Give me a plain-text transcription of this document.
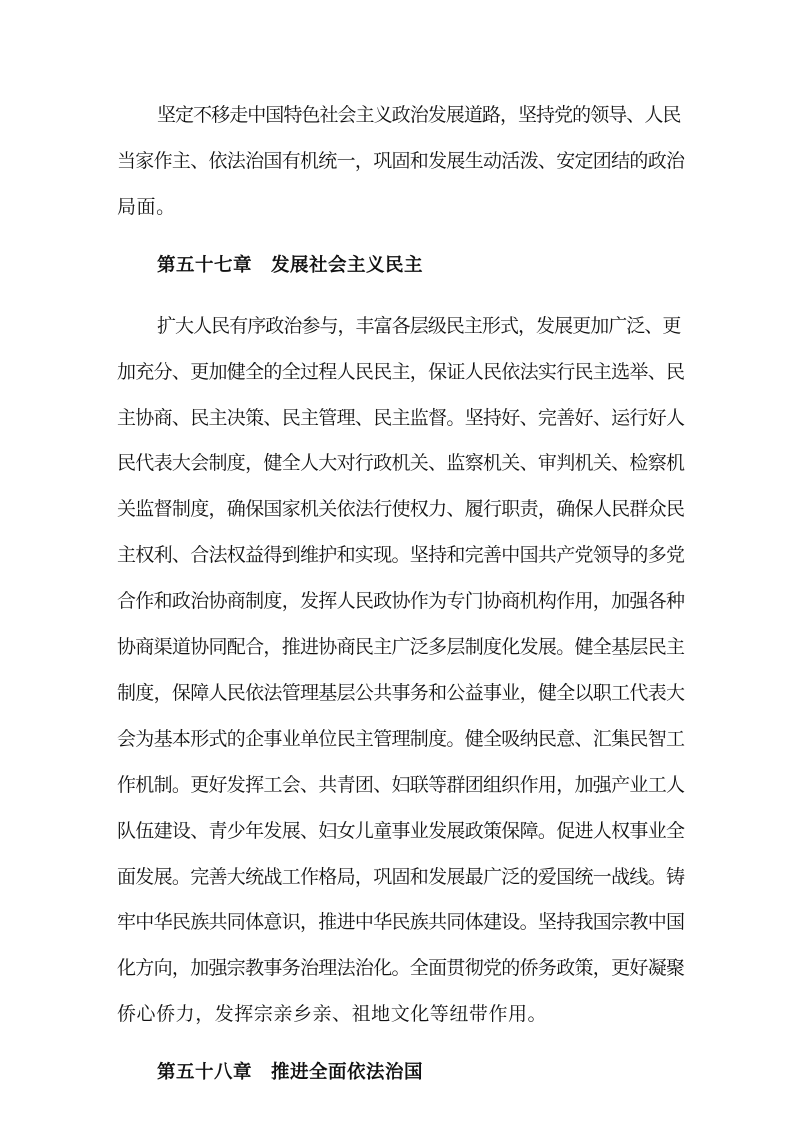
坚定不移走中国特色社会主义政治发展道路，坚持党的领导、人民
当家作主、依法治国有机统一，巩固和发展生动活泼、安定团结的政治
局面。
第五十七章　发展社会主义民主
扩大人民有序政治参与，丰富各层级民主形式，发展更加广泛、更
加充分、更加健全的全过程人民民主，保证人民依法实行民主选举、民
主协商、民主决策、民主管理、民主监督。坚持好、完善好、运行好人
民代表大会制度，健全人大对行政机关、监察机关、审判机关、检察机
关监督制度，确保国家机关依法行使权力、履行职责，确保人民群众民
主权利、合法权益得到维护和实现。坚持和完善中国共产党领导的多党
合作和政治协商制度，发挥人民政协作为专门协商机构作用，加强各种
协商渠道协同配合，推进协商民主广泛多层制度化发展。健全基层民主
制度，保障人民依法管理基层公共事务和公益事业，健全以职工代表大
会为基本形式的企事业单位民主管理制度。健全吸纳民意、汇集民智工
作机制。更好发挥工会、共青团、妇联等群团组织作用，加强产业工人
队伍建设、青少年发展、妇女儿童事业发展政策保障。促进人权事业全
面发展。完善大统战工作格局，巩固和发展最广泛的爱国统一战线。铸
牢中华民族共同体意识，推进中华民族共同体建设。坚持我国宗教中国
化方向，加强宗教事务治理法治化。全面贯彻党的侨务政策，更好凝聚
侨心侨力，发挥宗亲乡亲、祖地文化等纽带作用。
第五十八章　推进全面依法治国
